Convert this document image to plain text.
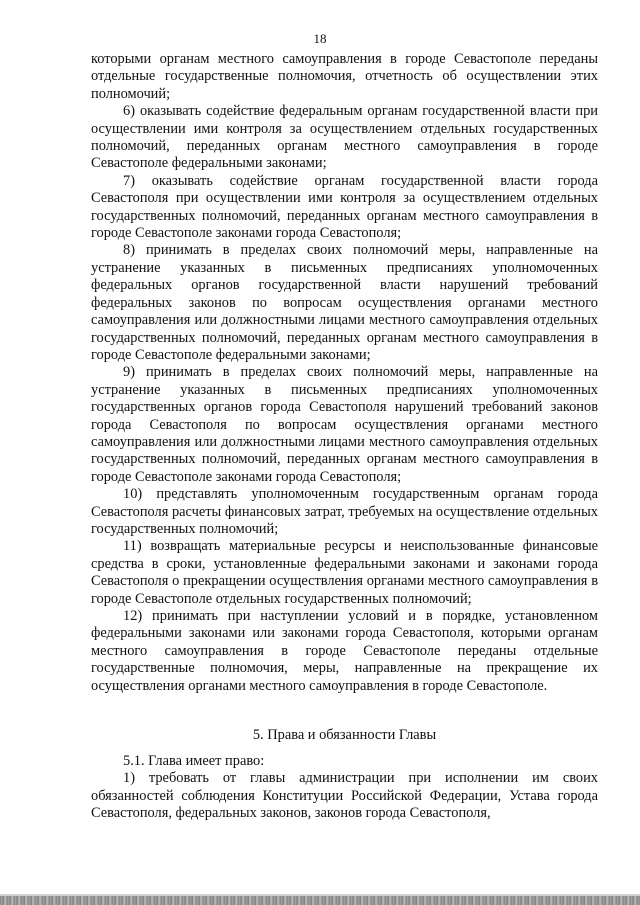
18

которыми органам местного самоуправления в городе Севастополе переданы отдельные государственные полномочия, отчетность об осуществлении этих полномочий;

6) оказывать содействие федеральным органам государственной власти при осуществлении ими контроля за осуществлением отдельных государственных полномочий, переданных органам местного самоуправления в городе Севастополе федеральными законами;

7) оказывать содействие органам государственной власти города Севастополя при осуществлении ими контроля за осуществлением отдельных государственных полномочий, переданных органам местного самоуправления в городе Севастополе законами города Севастополя;

8) принимать в пределах своих полномочий меры, направленные на устранение указанных в письменных предписаниях уполномоченных федеральных органов государственной власти нарушений требований федеральных законов по вопросам осуществления органами местного самоуправления или должностными лицами местного самоуправления отдельных государственных полномочий, переданных органам местного самоуправления в городе Севастополе федеральными законами;

9) принимать в пределах своих полномочий меры, направленные на устранение указанных в письменных предписаниях уполномоченных государственных органов города Севастополя нарушений требований законов города Севастополя по вопросам осуществления органами местного самоуправления или должностными лицами местного самоуправления отдельных государственных полномочий, переданных органам местного самоуправления в городе Севастополе законами города Севастополя;

10) представлять уполномоченным государственным органам города Севастополя расчеты финансовых затрат, требуемых на осуществление отдельных государственных полномочий;

11) возвращать материальные ресурсы и неиспользованные финансовые средства в сроки, установленные федеральными законами и законами города Севастополя о прекращении осуществления органами местного самоуправления в городе Севастополе отдельных государственных полномочий;

12) принимать при наступлении условий и в порядке, установленном федеральными законами или законами города Севастополя, которыми органам местного самоуправления в городе Севастополе переданы отдельные государственные полномочия, меры, направленные на прекращение их осуществления органами местного самоуправления в городе Севастополе.

5. Права и обязанности Главы

5.1. Глава имеет право:

1) требовать от главы администрации при исполнении им своих обязанностей соблюдения Конституции Российской Федерации, Устава города Севастополя, федеральных законов, законов города Севастополя,
